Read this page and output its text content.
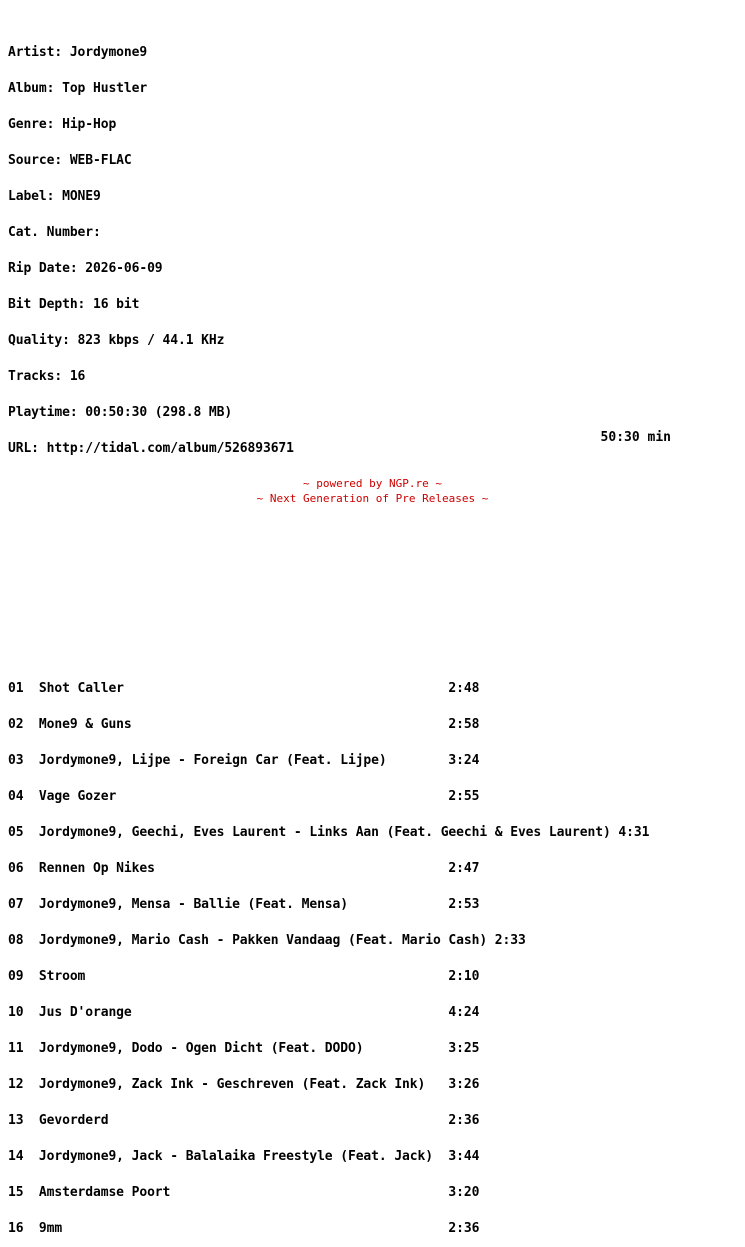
Artist: Jordymone9

Album: Top Hustler

Genre: Hip-Hop

Source: WEB-FLAC

Label: MONE9

Cat. Number:

Rip Date: 2026-06-09

Bit Depth: 16 bit

Quality: 823 kbps / 44.1 KHz

Tracks: 16

Playtime: 00:50:30 (298.8 MB)

URL: http://tidal.com/album/526893671

01  Shot Caller                                          2:48

02  Mone9 & Guns                                         2:58

03  Jordymone9, Lijpe - Foreign Car (Feat. Lijpe)        3:24

04  Vage Gozer                                           2:55

05  Jordymone9, Geechi, Eves Laurent - Links Aan (Feat. Geechi & Eves Laurent) 4:31

06  Rennen Op Nikes                                      2:47

07  Jordymone9, Mensa - Ballie (Feat. Mensa)             2:53

08  Jordymone9, Mario Cash - Pakken Vandaag (Feat. Mario Cash) 2:33

09  Stroom                                               2:10

10  Jus D'orange                                         4:24

11  Jordymone9, Dodo - Ogen Dicht (Feat. DODO)           3:25

12  Jordymone9, Zack Ink - Geschreven (Feat. Zack Ink)   3:26

13  Gevorderd                                            2:36

14  Jordymone9, Jack - Balalaika Freestyle (Feat. Jack)  3:44

15  Amsterdamse Poort                                    3:20

16  9mm                                                  2:36

50:30 min
~ powered by NGP.re ~
~ Next Generation of Pre Releases ~
